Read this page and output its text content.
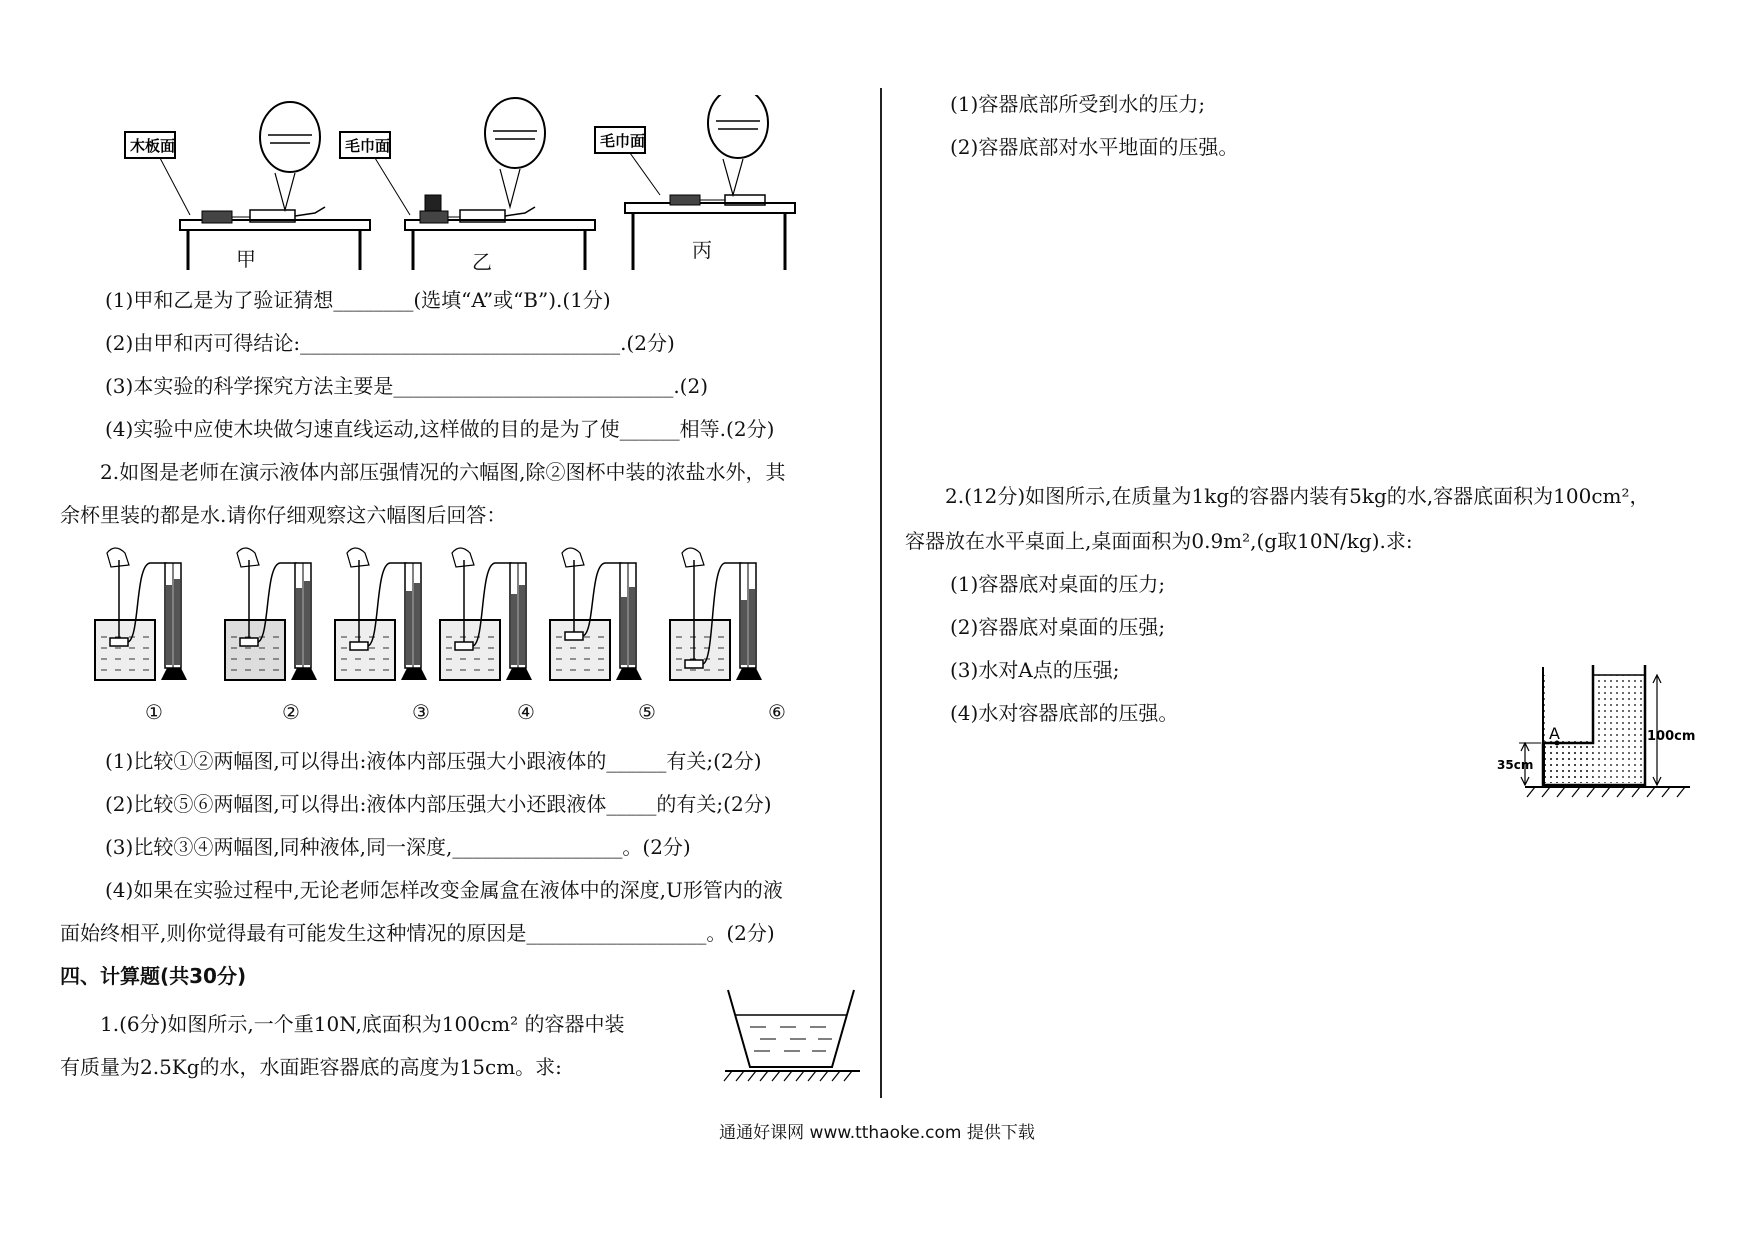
木板面	毛巾面	毛巾面
甲	乙	丙
(1)甲和乙是为了验证猜想________(选填“A”或“B”).(1分)
(2)由甲和丙可得结论:________________________________.(2分)
(3)本实验的科学探究方法主要是____________________________.(2)
(4)实验中应使木块做匀速直线运动,这样做的目的是为了使______相等.(2分)
2.如图是老师在演示液体内部压强情况的六幅图,除②图杯中装的浓盐水外，其
余杯里装的都是水.请你仔细观察这六幅图后回答：
①	②	③	④	⑤	⑥
(1)比较①②两幅图,可以得出:液体内部压强大小跟液体的______有关;(2分)
(2)比较⑤⑥两幅图,可以得出:液体内部压强大小还跟液体_____的有关;(2分)
(3)比较③④两幅图,同种液体,同一深度,_________________。(2分)
(4)如果在实验过程中,无论老师怎样改变金属盒在液体中的深度,U形管内的液
面始终相平,则你觉得最有可能发生这种情况的原因是__________________。(2分)
四、计算题(共30分)
1.(6分)如图所示,一个重10N,底面积为100cm² 的容器中装
有质量为2.5Kg的水，水面距容器底的高度为15cm。求:
(1)容器底部所受到水的压力;
(2)容器底部对水平地面的压强。
2.(12分)如图所示,在质量为1kg的容器内装有5kg的水,容器底面积为100cm²，
容器放在水平桌面上,桌面面积为0.9m²,(g取10N/kg).求:
(1)容器底对桌面的压力;
(2)容器底对桌面的压强;
(3)水对A点的压强;
(4)水对容器底部的压强。
A	100cm
35cm
通通好课网 www.tthaoke.com 提供下载
